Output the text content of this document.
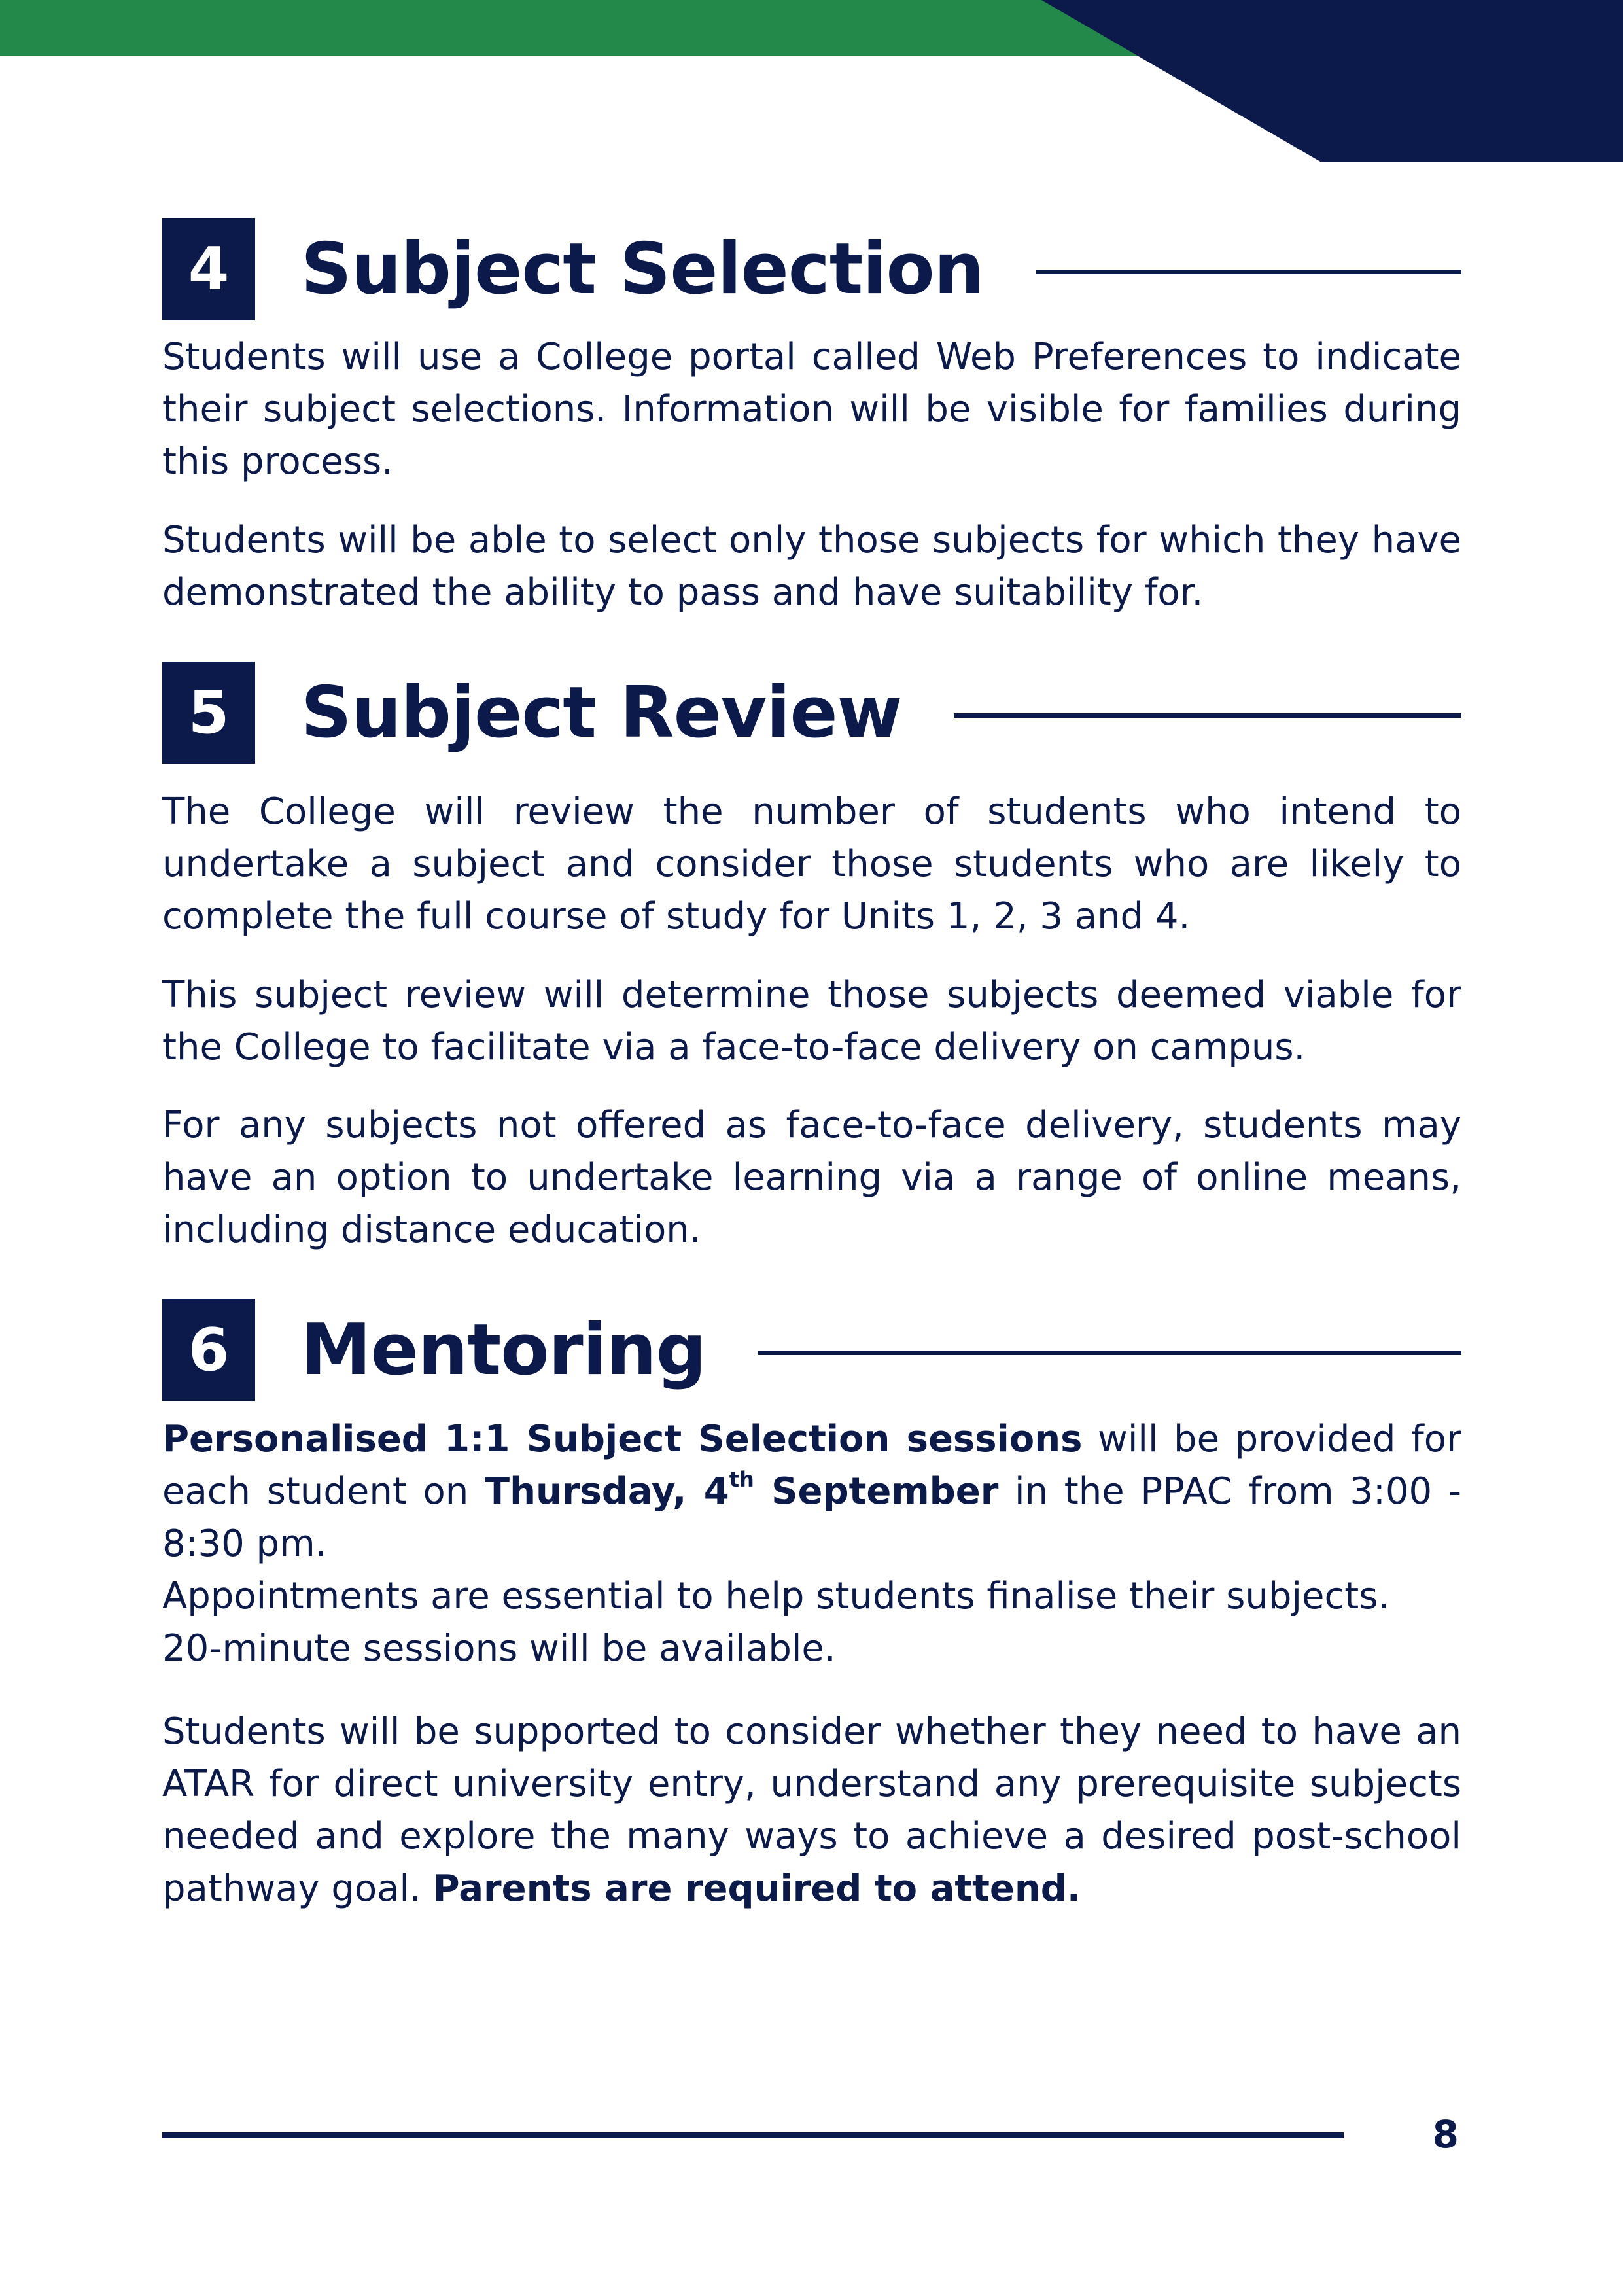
4	Subject Selection

Students will use a College portal called Web Preferences to indicate their subject selections. Information will be visible for families during this process.

Students will be able to select only those subjects for which they have demonstrated the ability to pass and have suitability for.

5	Subject Review

The College will review the number of students who intend to undertake a subject and consider those students who are likely to complete the full course of study for Units 1, 2, 3 and 4.

This subject review will determine those subjects deemed viable for the College to facilitate via a face-to-face delivery on campus.

For any subjects not offered as face-to-face delivery, students may have an option to undertake learning via a range of online means, including distance education.

6	Mentoring

Personalised 1:1 Subject Selection sessions will be provided for each student on Thursday, 4th September in the PPAC from 3:00 - 8:30 pm.

Appointments are essential to help students finalise their subjects.
20-minute sessions will be available.

Students will be supported to consider whether they need to have an ATAR for direct university entry, understand any prerequisite subjects needed and explore the many ways to achieve a desired post-school pathway goal. Parents are required to attend.

8
